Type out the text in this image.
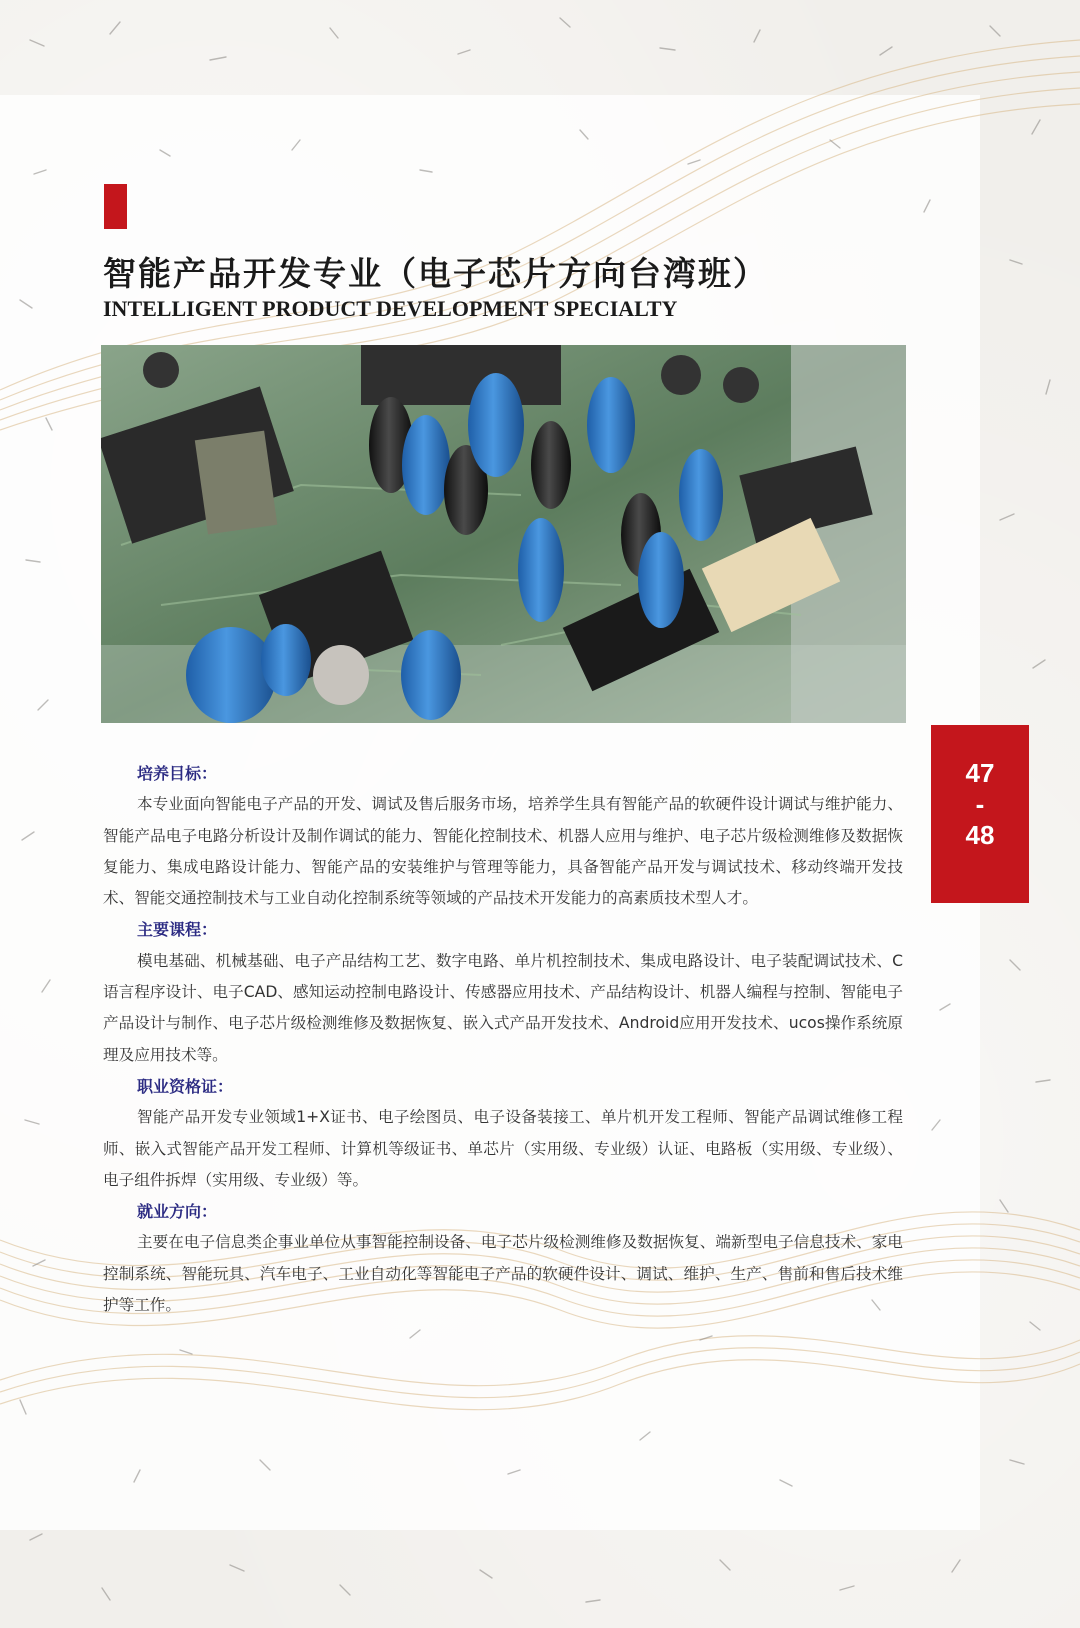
智能产品开发专业（电子芯片方向台湾班）
INTELLIGENT PRODUCT DEVELOPMENT SPECIALTY
47
-
48
培养目标：

本专业面向智能电子产品的开发、调试及售后服务市场，培养学生具有智能产品的软硬件设计调试与维护能力、智能产品电子电路分析设计及制作调试的能力、智能化控制技术、机器人应用与维护、电子芯片级检测维修及数据恢复能力、集成电路设计能力、智能产品的安装维护与管理等能力，具备智能产品开发与调试技术、移动终端开发技术、智能交通控制技术与工业自动化控制系统等领域的产品技术开发能力的高素质技术型人才。

主要课程：

模电基础、机械基础、电子产品结构工艺、数字电路、单片机控制技术、集成电路设计、电子装配调试技术、C语言程序设计、电子CAD、感知运动控制电路设计、传感器应用技术、产品结构设计、机器人编程与控制、智能电子产品设计与制作、电子芯片级检测维修及数据恢复、嵌入式产品开发技术、Android应用开发技术、ucos操作系统原理及应用技术等。

职业资格证：

智能产品开发专业领域1+X证书、电子绘图员、电子设备装接工、单片机开发工程师、智能产品调试维修工程师、嵌入式智能产品开发工程师、计算机等级证书、单芯片（实用级、专业级）认证、电路板（实用级、专业级）、电子组件拆焊（实用级、专业级）等。

就业方向：

主要在电子信息类企事业单位从事智能控制设备、电子芯片级检测维修及数据恢复、端新型电子信息技术、家电控制系统、智能玩具、汽车电子、工业自动化等智能电子产品的软硬件设计、调试、维护、生产、售前和售后技术维护等工作。
